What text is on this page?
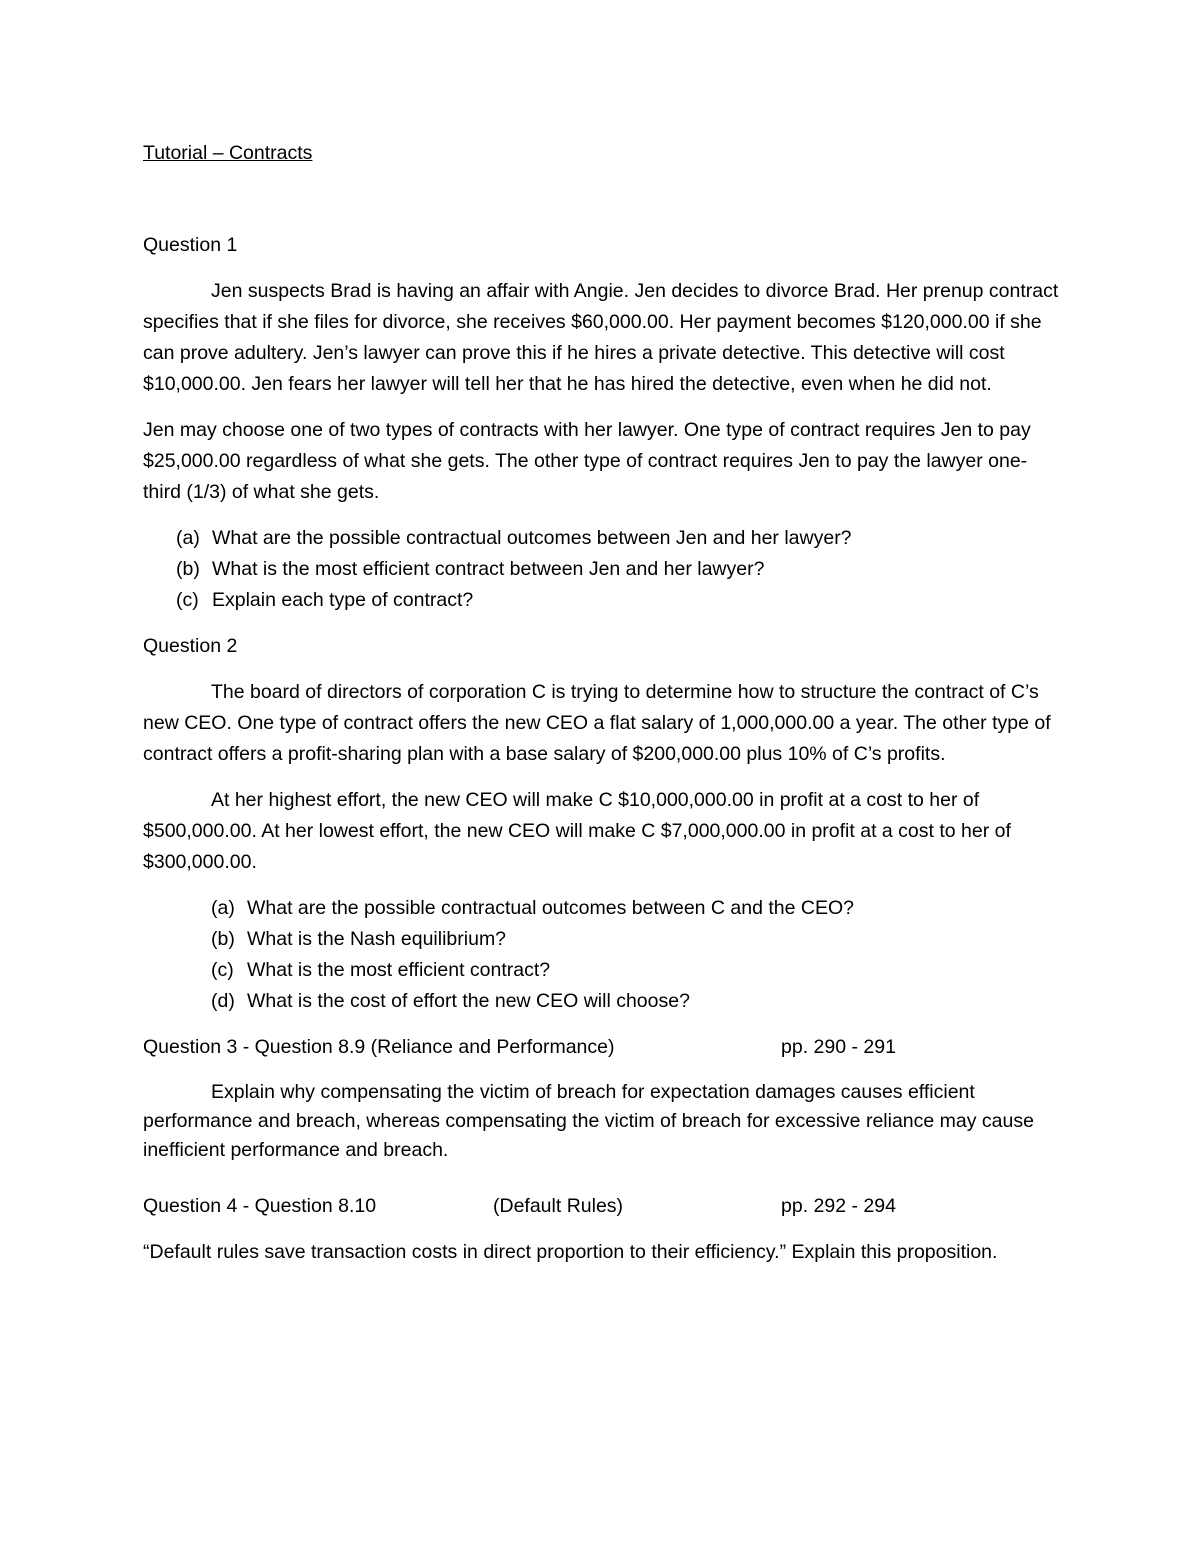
Tutorial – Contracts
Question 1

Jen suspects Brad is having an affair with Angie. Jen decides to divorce Brad. Her prenup contract specifies that if she files for divorce, she receives $60,000.00. Her payment becomes $120,000.00 if she can prove adultery. Jen’s lawyer can prove this if he hires a private detective. This detective will cost $10,000.00. Jen fears her lawyer will tell her that he has hired the detective, even when he did not.

Jen may choose one of two types of contracts with her lawyer. One type of contract requires Jen to pay $25,000.00 regardless of what she gets. The other type of contract requires Jen to pay the lawyer one-third (1/3) of what she gets.

(a) What are the possible contractual outcomes between Jen and her lawyer?
(b) What is the most efficient contract between Jen and her lawyer?
(c) Explain each type of contract?
Question 2

The board of directors of corporation C is trying to determine how to structure the contract of C’s new CEO. One type of contract offers the new CEO a flat salary of 1,000,000.00 a year. The other type of contract offers a profit-sharing plan with a base salary of $200,000.00 plus 10% of C’s profits.

At her highest effort, the new CEO will make C $10,000,000.00 in profit at a cost to her of $500,000.00. At her lowest effort, the new CEO will make C $7,000,000.00 in profit at a cost to her of $300,000.00.

(a) What are the possible contractual outcomes between C and the CEO?
(b) What is the Nash equilibrium?
(c) What is the most efficient contract?
(d) What is the cost of effort the new CEO will choose?
Question 3 - Question 8.9 (Reliance and Performance)	pp. 290 - 291

Explain why compensating the victim of breach for expectation damages causes efficient performance and breach, whereas compensating the victim of breach for excessive reliance may cause inefficient performance and breach.

Question 4 - Question 8.10	(Default Rules)	pp. 292 - 294

“Default rules save transaction costs in direct proportion to their efficiency.” Explain this proposition.
